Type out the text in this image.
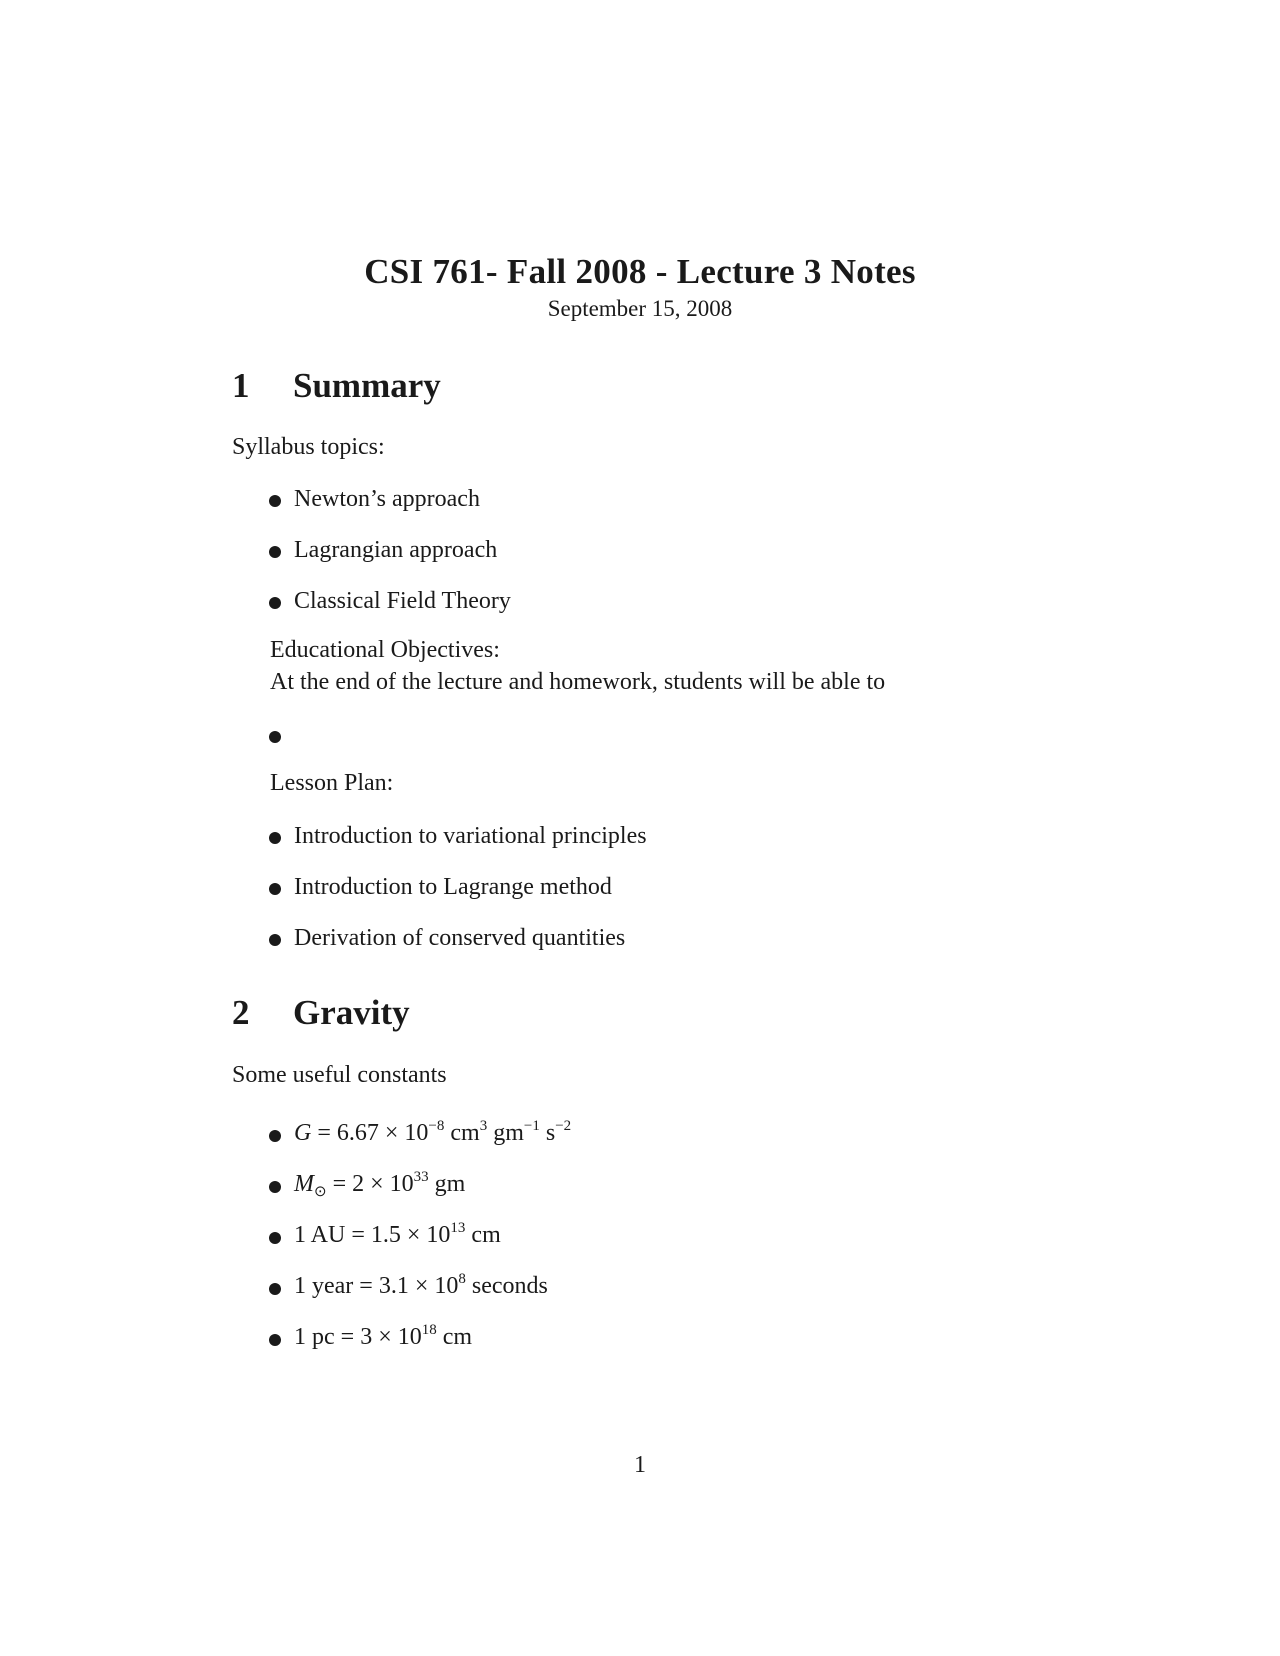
CSI 761- Fall 2008 - Lecture 3 Notes
September 15, 2008
1 Summary
Syllabus topics:
Newton’s approach
Lagrangian approach
Classical Field Theory
Educational Objectives:
At the end of the lecture and homework, students will be able to
Lesson Plan:
Introduction to variational principles
Introduction to Lagrange method
Derivation of conserved quantities
2 Gravity
Some useful constants
$G = 6.67 \times 10^{-8}$ $cm^3$ $gm^{-1}$ $s^{-2}$
$M_⊙ = 2 \times 10^{33}$ gm
1 AU = $1.5 \times 10^{13}$ cm
1 year = $3.1 \times 10^8$ seconds
1 pc = $3 \times 10^{18}$ cm
1
